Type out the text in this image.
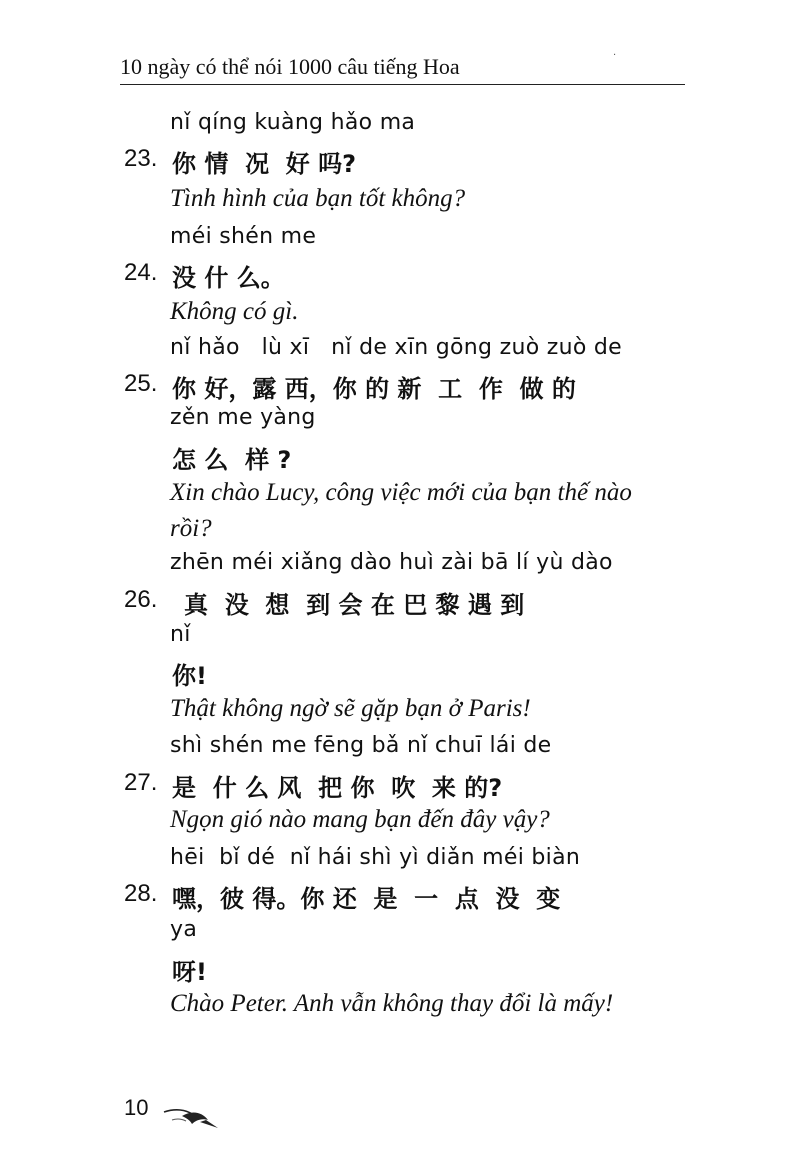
10 ngày có thể nói 1000 câu tiếng Hoa	·
nǐ qíng kuàng hǎo ma
23. 你 情  况  好 吗?
Tình hình của bạn tốt không?
méi shén me
24. 没 什 么。
Không có gì.
nǐ hǎo   lù xī   nǐ de xīn gōng zuò zuò de
25. 你 好，露 西，你 的 新  工  作  做 的
zěn me yàng
怎 么  样 ?
Xin chào Lucy, công việc mới của bạn thế nào
rồi?
zhēn méi xiǎng dào huì zài bā lí yù dào
26. 真  没  想  到 会 在 巴 黎 遇 到
nǐ
你!
Thật không ngờ sẽ gặp bạn ở Paris!
shì shén me fēng bǎ nǐ chuī lái de
27. 是  什 么 风  把 你  吹  来 的?
Ngọn gió nào mang bạn đến đây vậy?
hēi  bǐ dé  nǐ hái shì yì diǎn méi biàn
28. 嘿，彼 得。你 还  是  一  点  没  变
ya
呀!
Chào Peter. Anh vẫn không thay đổi là mấy!
10
